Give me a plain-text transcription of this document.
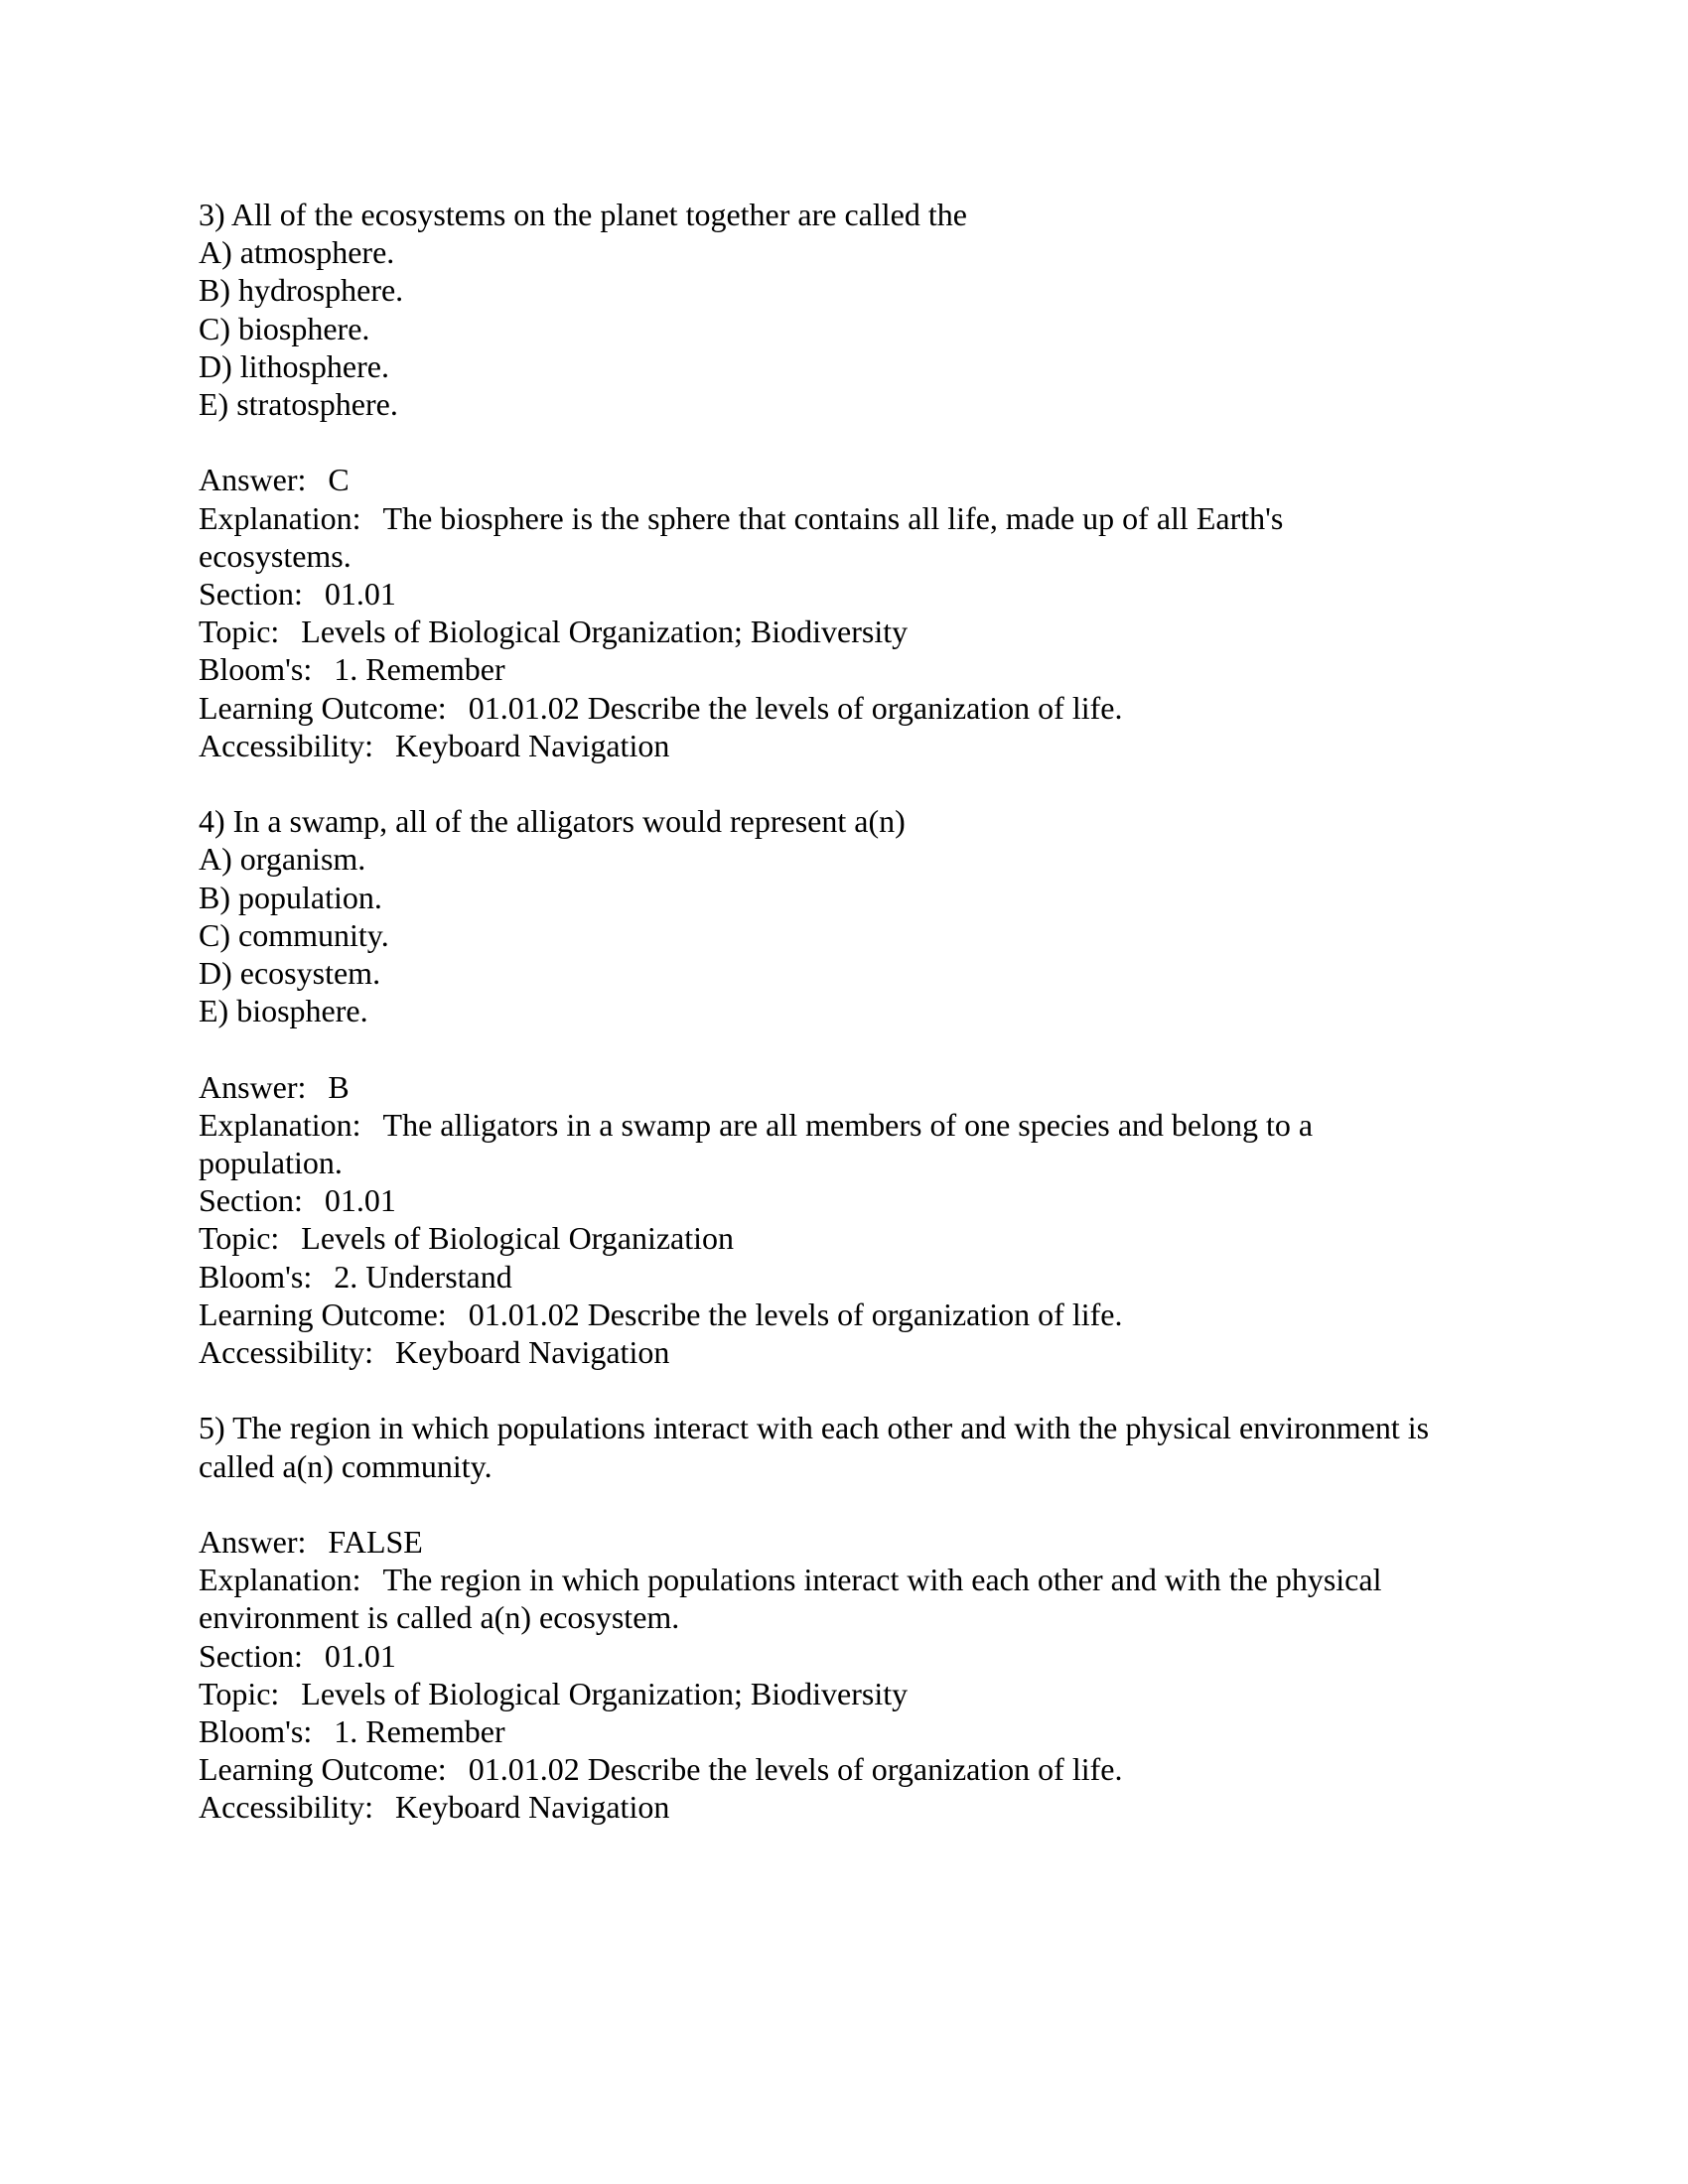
3) All of the ecosystems on the planet together are called the

A) atmosphere.

B) hydrosphere.

C) biosphere.

D) lithosphere.

E) stratosphere.

Answer: C

Explanation: The biosphere is the sphere that contains all life, made up of all Earth's ecosystems.

Section: 01.01

Topic: Levels of Biological Organization; Biodiversity

Bloom's: 1. Remember

Learning Outcome: 01.01.02 Describe the levels of organization of life.

Accessibility: Keyboard Navigation

4) In a swamp, all of the alligators would represent a(n)

A) organism.

B) population.

C) community.

D) ecosystem.

E) biosphere.

Answer: B

Explanation: The alligators in a swamp are all members of one species and belong to a population.

Section: 01.01

Topic: Levels of Biological Organization

Bloom's: 2. Understand

Learning Outcome: 01.01.02 Describe the levels of organization of life.

Accessibility: Keyboard Navigation

5) The region in which populations interact with each other and with the physical environment is called a(n) community.

Answer: FALSE

Explanation: The region in which populations interact with each other and with the physical environment is called a(n) ecosystem.

Section: 01.01

Topic: Levels of Biological Organization; Biodiversity

Bloom's: 1. Remember

Learning Outcome: 01.01.02 Describe the levels of organization of life.

Accessibility: Keyboard Navigation
